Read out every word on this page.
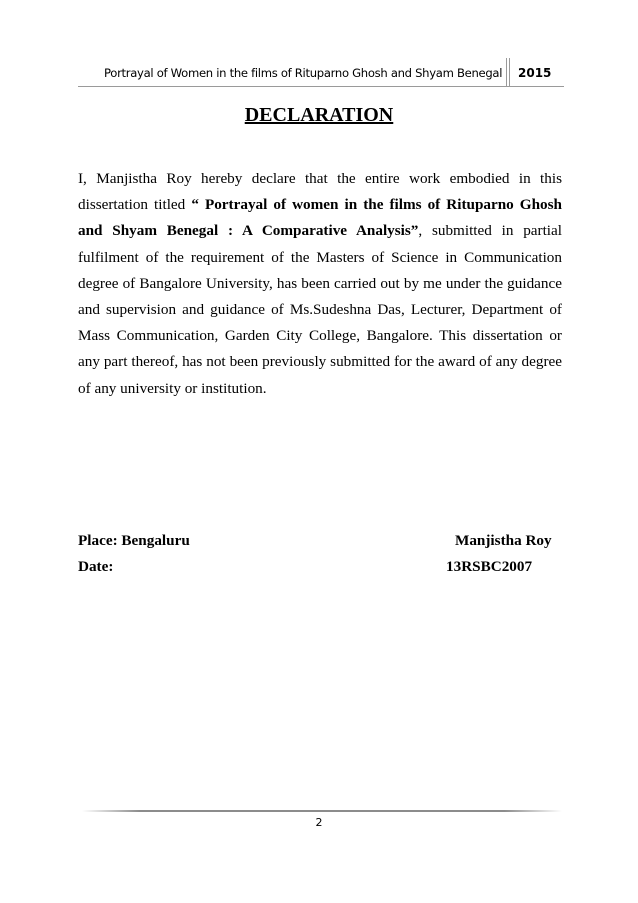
Portrayal of Women in the films of Rituparno Ghosh and Shyam Benegal 2015
DECLARATION

I, Manjistha Roy hereby declare that the entire work embodied in this dissertation titled “ Portrayal of women in the films of Rituparno Ghosh and Shyam Benegal : A Comparative Analysis”, submitted in partial fulfilment of the requirement of the Masters of Science in Communication degree of Bangalore University, has been carried out by me under the guidance and supervision and guidance of Ms.Sudeshna Das, Lecturer, Department of Mass Communication, Garden City College, Bangalore. This dissertation or any part thereof, has not been previously submitted for the award of any degree of any university or institution.

Place: Bengaluru	Manjistha Roy
Date:	13RSBC2007
2
